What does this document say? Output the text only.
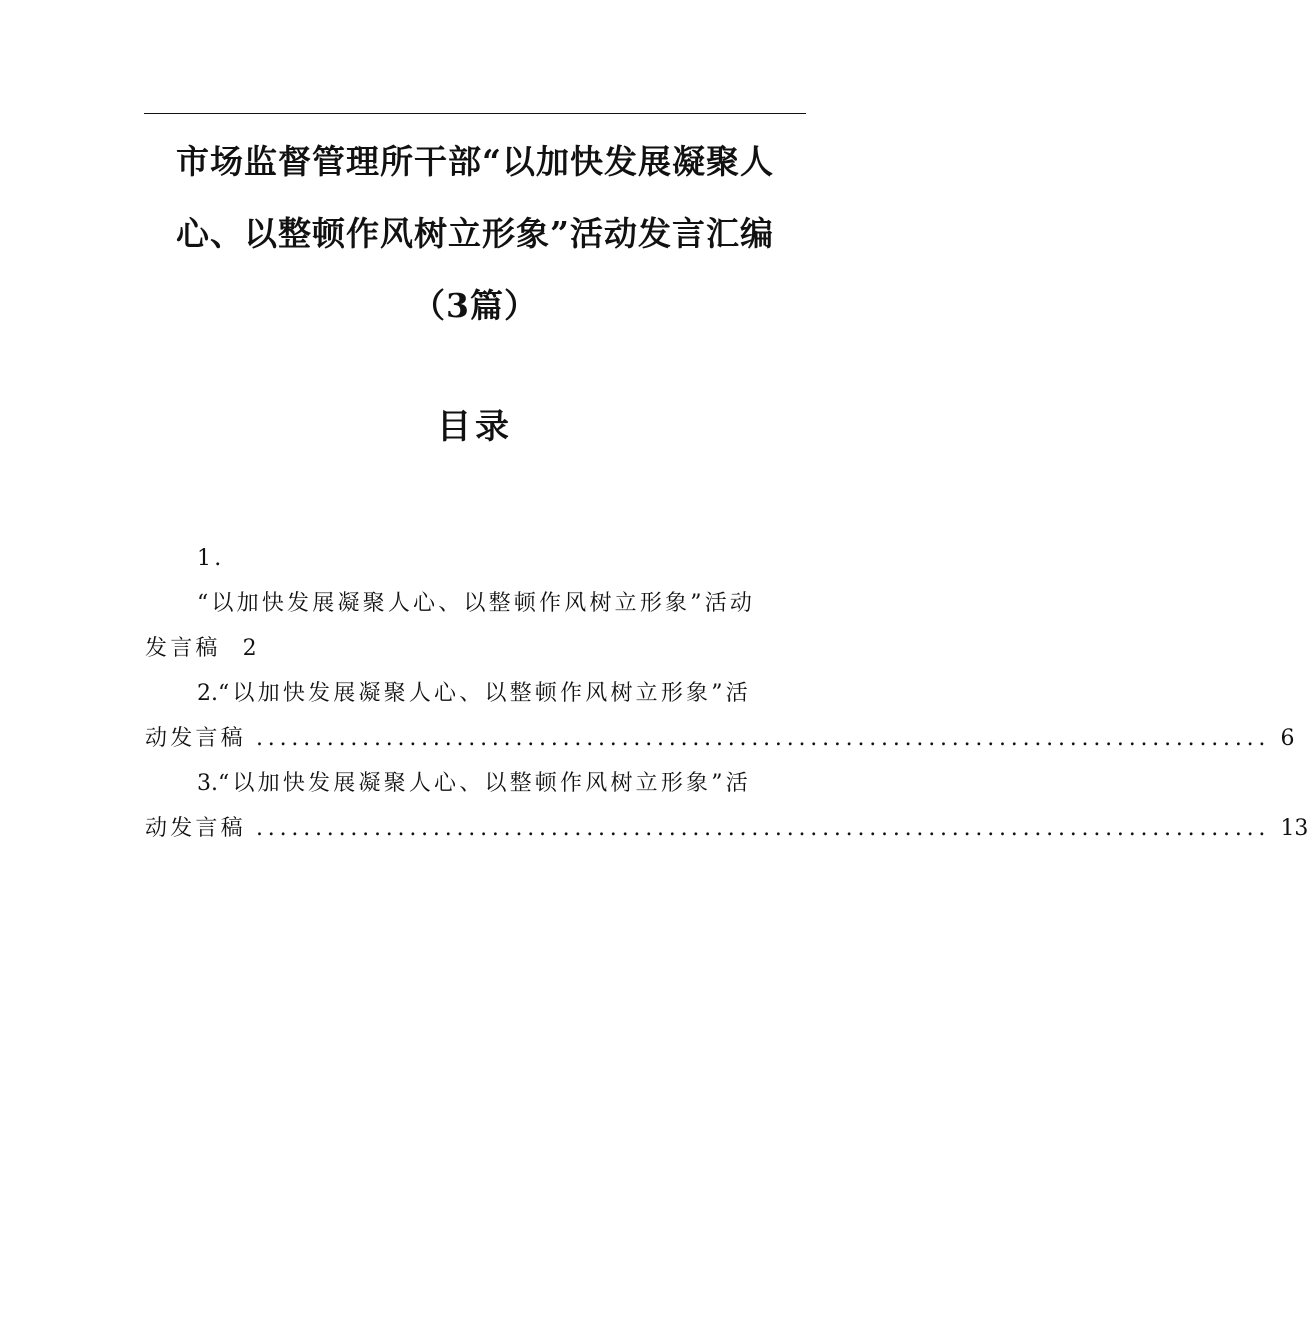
市场监督管理所干部“以加快发展凝聚人
心、以整顿作风树立形象”活动发言汇编
（3篇）
目录
1.
“以加快发展凝聚人心、以整顿作风树立形象”活动
发言稿 2
2.“以加快发展凝聚人心、以整顿作风树立形象”活
动发言稿 .....	6
3.“以加快发展凝聚人心、以整顿作风树立形象”活
动发言稿 .....	13
